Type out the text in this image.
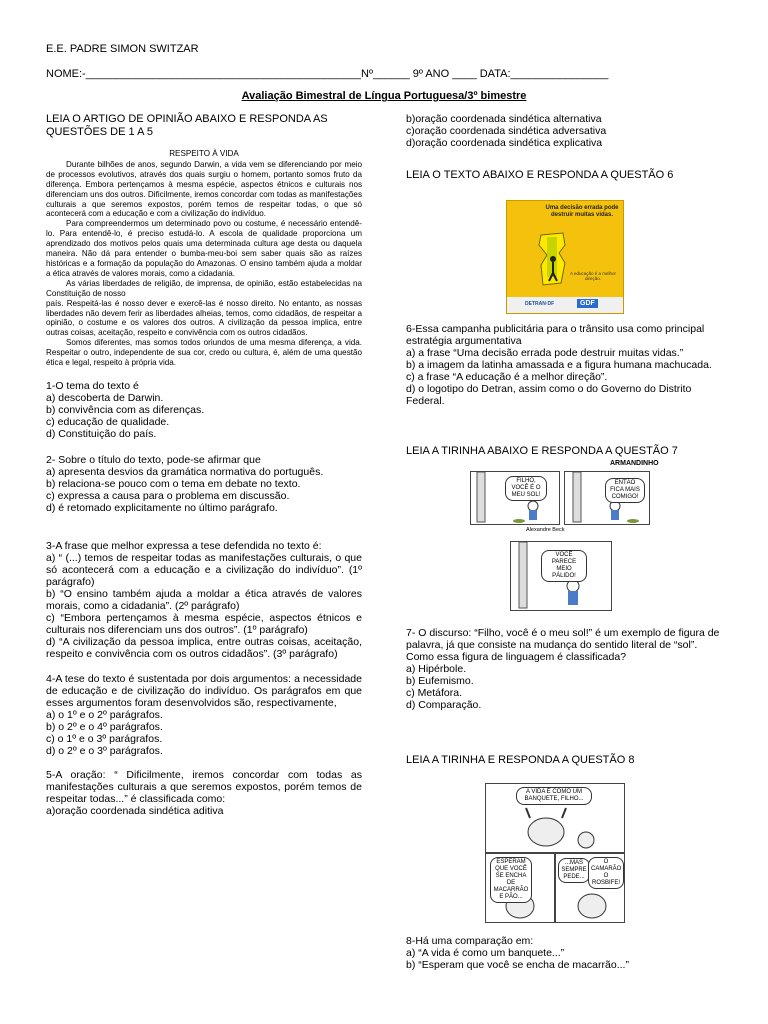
E.E. PADRE SIMON SWITZAR
NOME:-_____________________________________________Nº______ 9º ANO ____ DATA:________________
Avaliação Bimestral de Língua Portuguesa/3º bimestre

LEIA O ARTIGO DE OPINIÃO ABAIXO E RESPONDA AS QUESTÕES DE 1 A 5

RESPEITO À VIDA

Durante bilhões de anos, segundo Darwin, a vida vem se diferenciando por meio de processos evolutivos, através dos quais surgiu o homem, portanto somos fruto da diferença. Embora pertençamos à mesma espécie, aspectos étnicos e culturais nos diferenciam uns dos outros. Dificilmente, iremos concordar com todas as manifestações culturais a que seremos expostos, porém temos de respeitar todas, o que só acontecerá com a educação e com a civilização do indivíduo.

Para compreendermos um determinado povo ou costume, é necessário entendê-lo. Para entendê-lo, é preciso estudá-lo. A escola de qualidade proporciona um aprendizado dos motivos pelos quais uma determinada cultura age desta ou daquela maneira. Não dá para entender o bumba-meu-boi sem saber quais são as raízes históricas e a formação da população do Amazonas. O ensino também ajuda a moldar a ética através de valores morais, como a cidadania.

As várias liberdades de religião, de imprensa, de opinião, estão estabelecidas na Constituição de nosso

país. Respeitá-las é nosso dever e exercê-las é nosso direito. No entanto, as nossas liberdades não devem ferir as liberdades alheias, temos, como cidadãos, de respeitar a opinião, o costume e os valores dos outros. A civilização da pessoa implica, entre outras coisas, aceitação, respeito e convivência com os outros cidadãos.

Somos diferentes, mas somos todos oriundos de uma mesma diferença, a vida. Respeitar o outro, independente de sua cor, credo ou cultura, é, além de uma questão ética e legal, respeito à própria vida.

1-O tema do texto é
a) descoberta de Darwin.
b) convivência com as diferenças.
c) educação de qualidade.
d) Constituição do país.
2- Sobre o título do texto, pode-se afirmar que
a) apresenta desvios da gramática normativa do português.
b) relaciona-se pouco com o tema em debate no texto.
c) expressa a causa para o problema em discussão.
d) é retomado explicitamente no último parágrafo.
3-A frase que melhor expressa a tese defendida no texto é:
a) “ (...) temos de respeitar todas as manifestações culturais, o que só acontecerá com a educação e a civilização do indivíduo”. (1º parágrafo)
b) “O ensino também ajuda a moldar a ética através de valores morais, como a cidadania”. (2º parágrafo)
c) “Embora pertençamos à mesma espécie, aspectos étnicos e culturais nos diferenciam uns dos outros”. (1º parágrafo)
d) “A civilização da pessoa implica, entre outras coisas, aceitação, respeito e convivência com os outros cidadãos”. (3º parágrafo)
4-A tese do texto é sustentada por dois argumentos: a necessidade de educação e de civilização do indivíduo. Os parágrafos em que esses argumentos foram desenvolvidos são, respectivamente,
a) o 1º e o 2º parágrafos.
b) o 2º e o 4º parágrafos.
c) o 1º e o 3º parágrafos.
d) o 2º e o 3º parágrafos.
5-A oração: “ Dificilmente, iremos concordar com todas as manifestações culturais a que seremos expostos, porém temos de respeitar todas...” é classificada como:
a)oração coordenada sindética aditiva
b)oração coordenada sindética alternativa
c)oração coordenada sindética adversativa
d)oração coordenada sindética explicativa
LEIA O TEXTO ABAIXO E RESPONDA A QUESTÃO 6
Uma decisão errada pode destruir muitas vidas.
A educação é a melhor direção.
DETRAN·DF	GDF
6-Essa campanha publicitária para o trânsito usa como principal estratégia argumentativa
a) a frase “Uma decisão errada pode destruir muitas vidas.”
b) a imagem da latinha amassada e a figura humana machucada.
c) a frase “A educação é a melhor direção”.
d) o logotipo do Detran, assim como o do Governo do Distrito Federal.
LEIA A TIRINHA ABAIXO E RESPONDA A QUESTÃO 7
FILHO, VOCÊ É O MEU SOL!
ENTÃO FICA MAIS COMIGO!
ARMANDINHO
Alexandre Beck
VOCÊ PARECE MEIO PÁLIDO!
7- O discurso: “Filho, você é o meu sol!” é um exemplo de figura de palavra, já que consiste na mudança do sentido literal de “sol”. Como essa figura de linguagem é classificada?
a) Hipérbole.
b) Eufemismo.
c) Metáfora.
d) Comparação.
LEIA A TIRINHA E RESPONDA A QUESTÃO 8
A VIDA É COMO UM BANQUETE, FILHO...
ESPERAM QUE VOCÊ SE ENCHA DE MACARRÃO E PÃO...
...MAS SEMPRE PEDE...
O CAMARÃO O ROSBIFE!
8-Há uma comparação em:
a) “A vida é como um banquete...”
b) “Esperam que você se encha de macarrão...”
